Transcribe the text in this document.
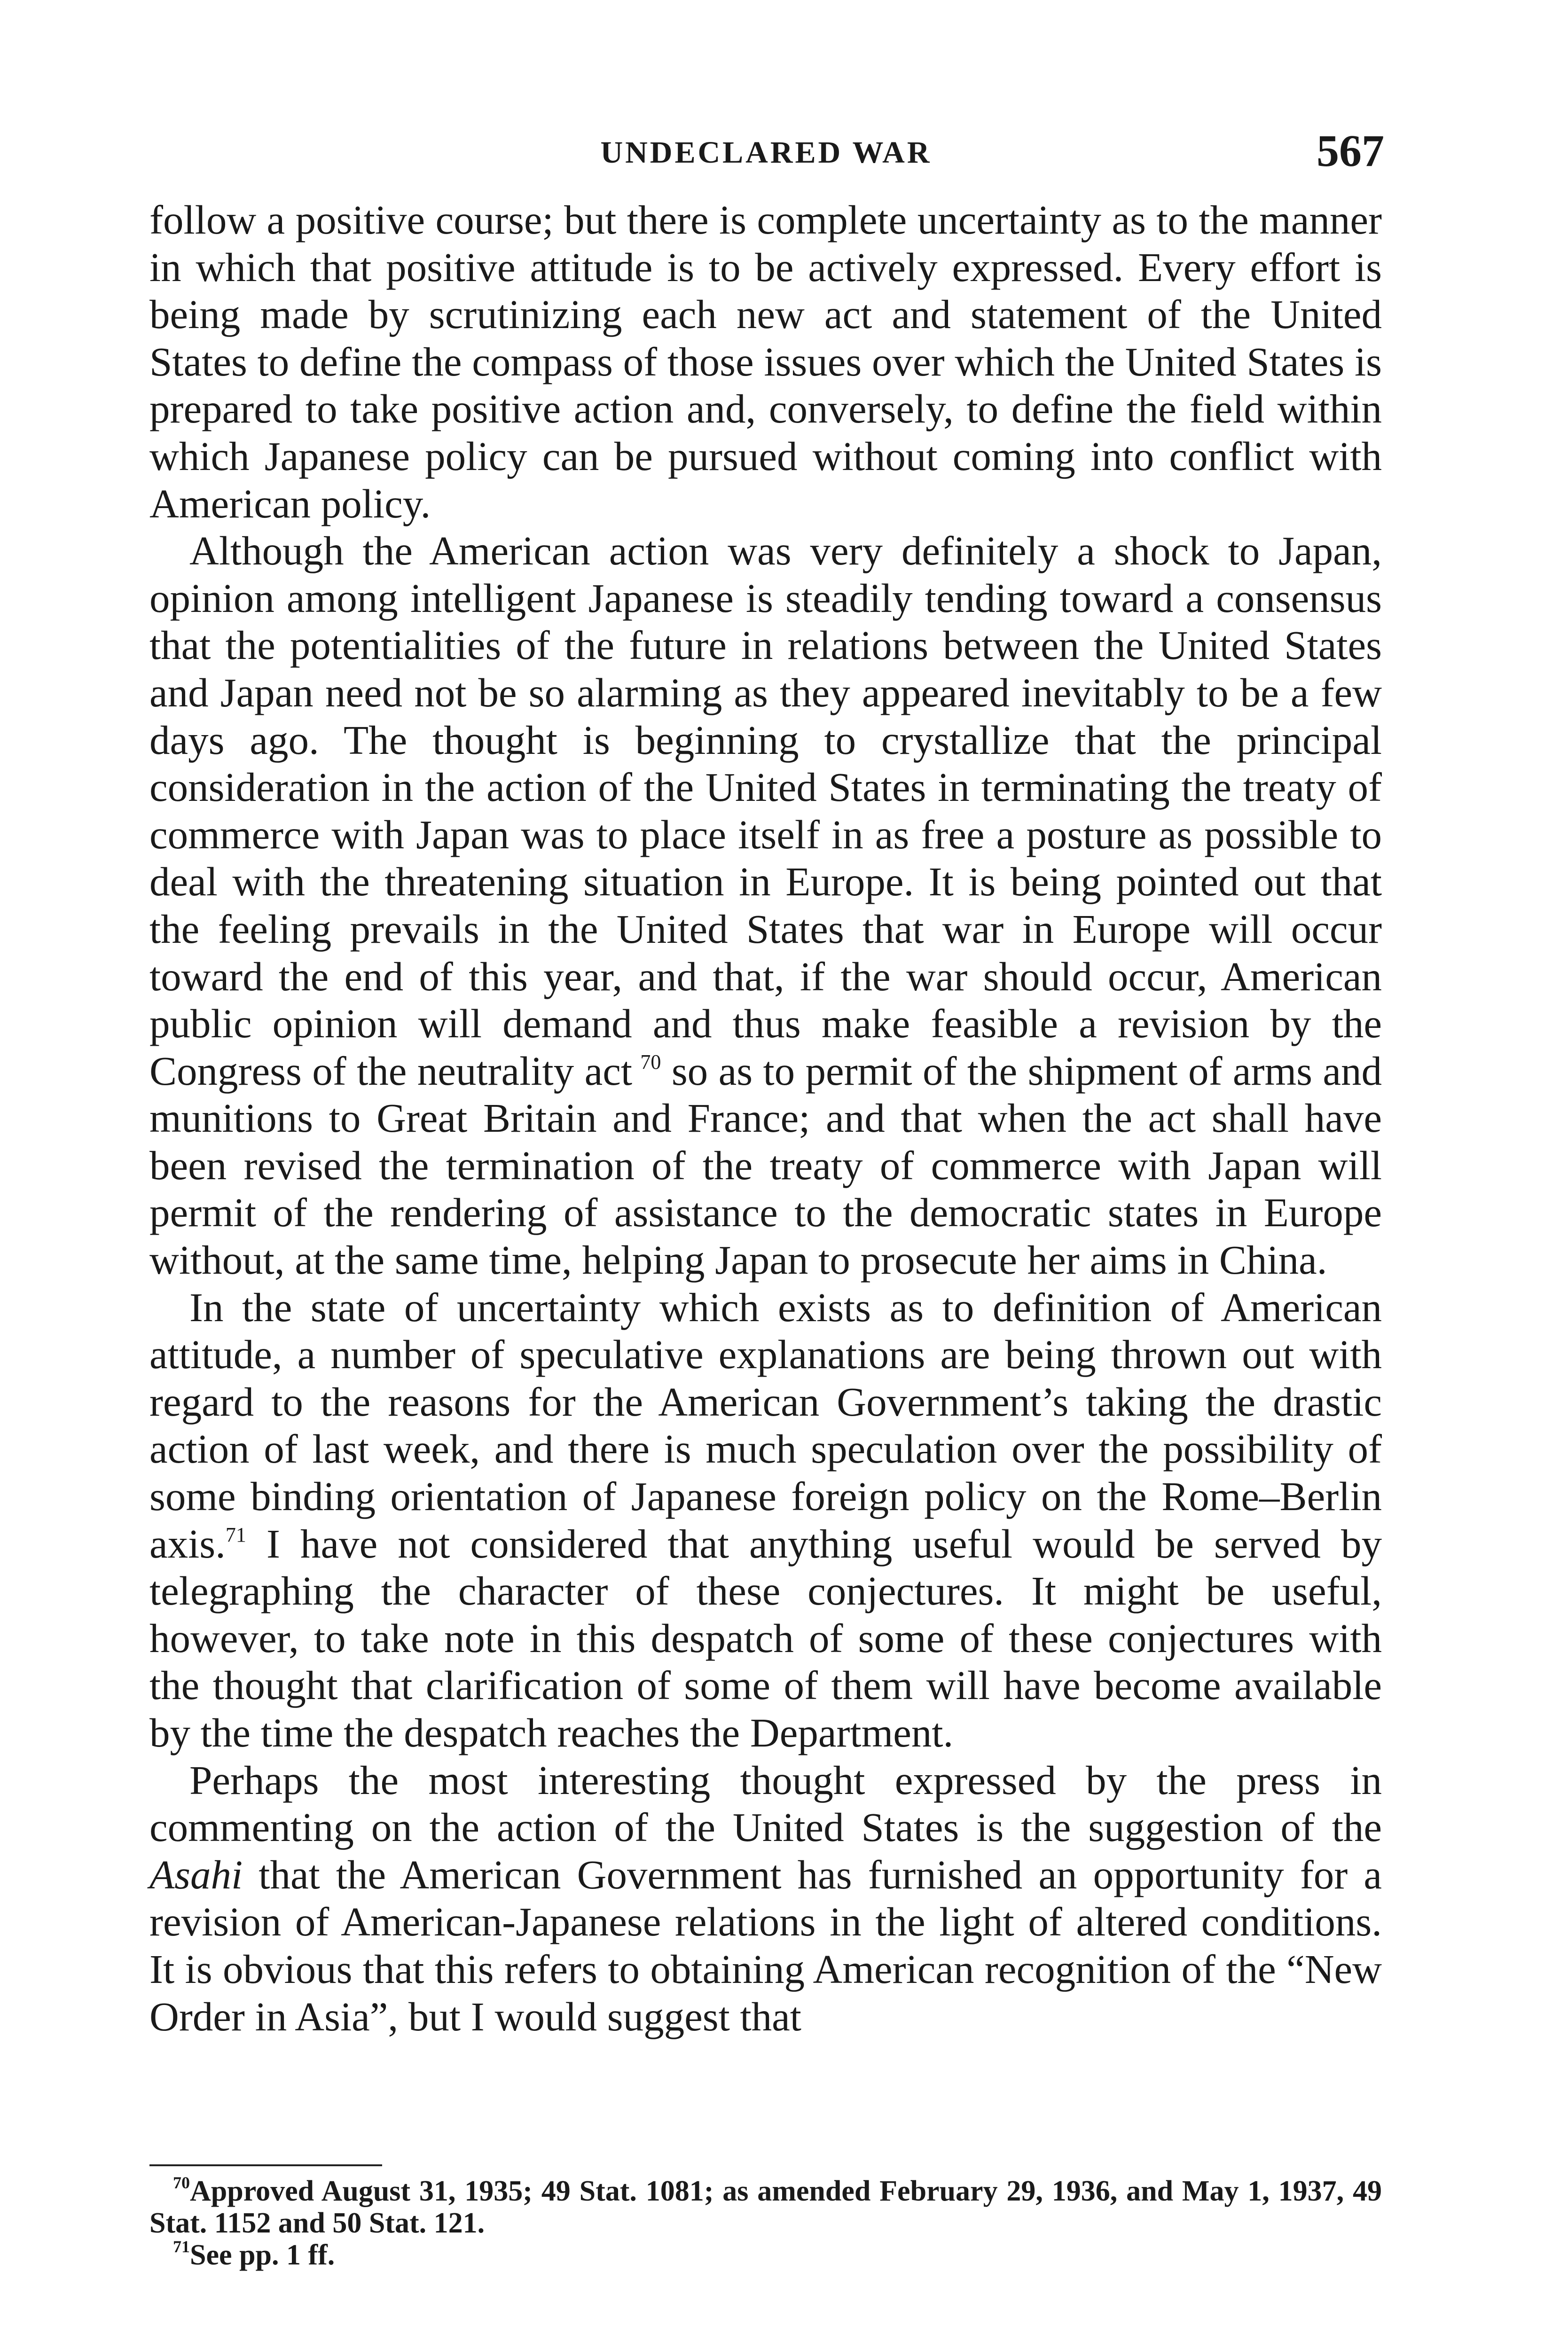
UNDECLARED WAR	567

follow a positive course; but there is complete uncertainty as to the manner in which that positive attitude is to be actively expressed. Every effort is being made by scrutinizing each new act and statement of the United States to define the compass of those issues over which the United States is prepared to take positive action and, conversely, to define the field within which Japanese policy can be pursued without coming into conflict with American policy.

Although the American action was very definitely a shock to Japan, opinion among intelligent Japanese is steadily tending toward a consensus that the potentialities of the future in relations between the United States and Japan need not be so alarming as they appeared inevitably to be a few days ago. The thought is beginning to crystallize that the principal consideration in the action of the United States in terminating the treaty of commerce with Japan was to place itself in as free a posture as possible to deal with the threatening situation in Europe. It is being pointed out that the feeling prevails in the United States that war in Europe will occur toward the end of this year, and that, if the war should occur, American public opinion will demand and thus make feasible a revision by the Congress of the neutrality act  $^{70}$ so as to permit of the shipment of arms and munitions to Great Britain and France; and that when the act shall have been revised the termination of the treaty of commerce with Japan will permit of the rendering of assistance to the democratic states in Europe without, at the same time, helping Japan to prosecute her aims in China.

In the state of uncertainty which exists as to definition of American attitude, a number of speculative explanations are being thrown out with regard to the reasons for the American Government’s taking the drastic action of last week, and there is much speculation over the possibility of some binding orientation of Japanese foreign policy on the Rome–Berlin axis.$^{71}$ I have not considered that anything useful would be served by telegraphing the character of these conjectures. It might be useful, however, to take note in this despatch of some of these conjectures with the thought that clarification of some of them will have become available by the time the despatch reaches the Department.

Perhaps the most interesting thought expressed by the press in commenting on the action of the United States is the suggestion of the Asahi that the American Government has furnished an opportunity for a revision of American-Japanese relations in the light of altered conditions. It is obvious that this refers to obtaining American recognition of the “New Order in Asia”, but I would suggest that

$^{70}$Approved August 31, 1935; 49 Stat. 1081; as amended February 29, 1936, and May 1, 1937, 49 Stat. 1152 and 50 Stat. 121.

$^{71}$See pp. 1 ff.
